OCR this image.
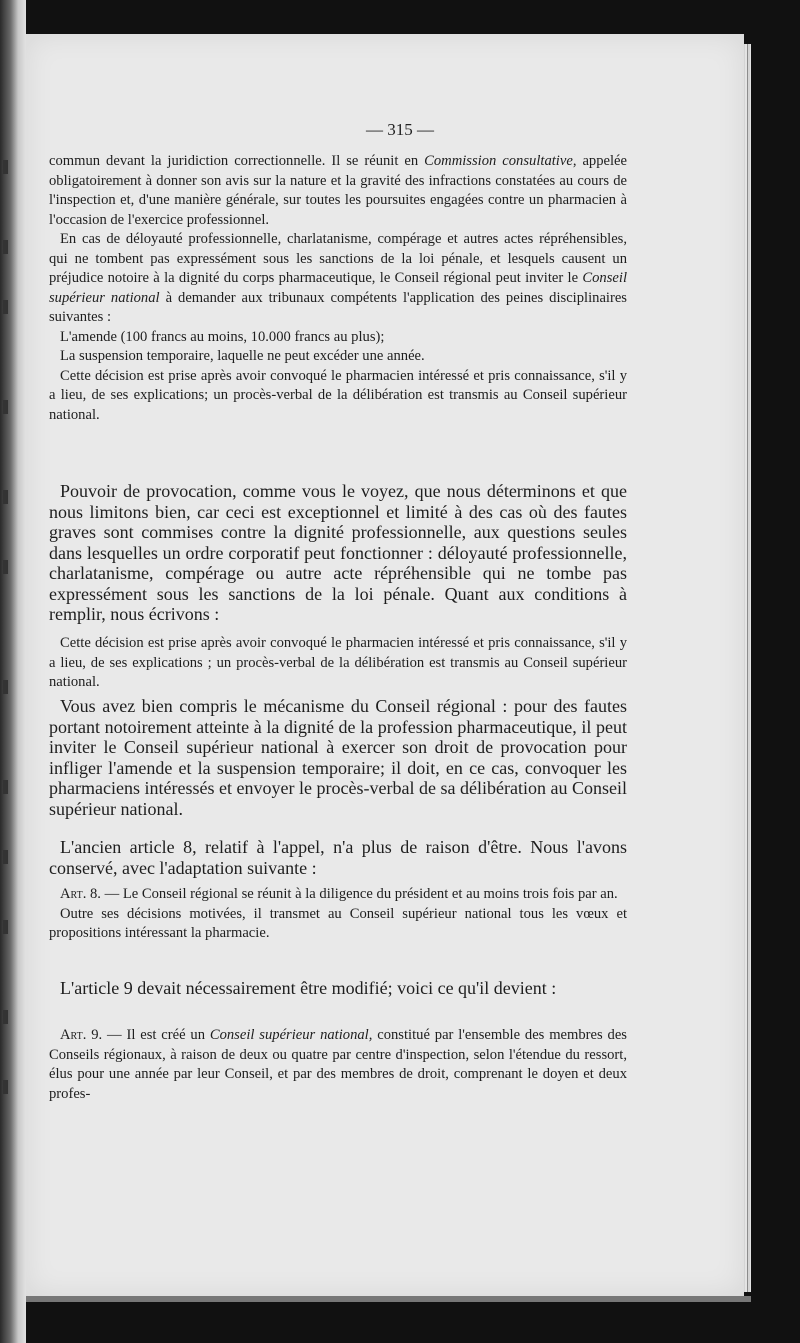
— 315 —

commun devant la juridiction correctionnelle. Il se réunit en Commission consultative, appelée obligatoirement à donner son avis sur la nature et la gravité des infractions constatées au cours de l'inspection et, d'une manière générale, sur toutes les poursuites engagées contre un pharmacien à l'occasion de l'exercice professionnel.

En cas de déloyauté professionnelle, charlatanisme, compérage et autres actes répréhensibles, qui ne tombent pas expressément sous les sanctions de la loi pénale, et lesquels causent un préjudice notoire à la dignité du corps pharmaceutique, le Conseil régional peut inviter le Conseil supérieur national à demander aux tribunaux compétents l'application des peines disciplinaires suivantes :

L'amende (100 francs au moins, 10.000 francs au plus);

La suspension temporaire, laquelle ne peut excéder une année.

Cette décision est prise après avoir convoqué le pharmacien intéressé et pris connaissance, s'il y a lieu, de ses explications; un procès-verbal de la délibération est transmis au Conseil supérieur national.

Pouvoir de provocation, comme vous le voyez, que nous déterminons et que nous limitons bien, car ceci est exceptionnel et limité à des cas où des fautes graves sont commises contre la dignité professionnelle, aux questions seules dans lesquelles un ordre corporatif peut fonctionner : déloyauté professionnelle, charlatanisme, compérage ou autre acte répréhensible qui ne tombe pas expressément sous les sanctions de la loi pénale. Quant aux conditions à remplir, nous écrivons :

Cette décision est prise après avoir convoqué le pharmacien intéressé et pris connaissance, s'il y a lieu, de ses explications ; un procès-verbal de la délibération est transmis au Conseil supérieur national.

Vous avez bien compris le mécanisme du Conseil régional : pour des fautes portant notoirement atteinte à la dignité de la profession pharmaceutique, il peut inviter le Conseil supérieur national à exercer son droit de provocation pour infliger l'amende et la suspension temporaire; il doit, en ce cas, convoquer les pharmaciens intéressés et envoyer le procès-verbal de sa délibération au Conseil supérieur national.

L'ancien article 8, relatif à l'appel, n'a plus de raison d'être. Nous l'avons conservé, avec l'adaptation suivante :

Art. 8. — Le Conseil régional se réunit à la diligence du président et au moins trois fois par an.

Outre ses décisions motivées, il transmet au Conseil supérieur national tous les vœux et propositions intéressant la pharmacie.

L'article 9 devait nécessairement être modifié; voici ce qu'il devient :

Art. 9. — Il est créé un Conseil supérieur national, constitué par l'ensemble des membres des Conseils régionaux, à raison de deux ou quatre par centre d'inspection, selon l'étendue du ressort, élus pour une année par leur Conseil, et par des membres de droit, comprenant le doyen et deux profes-
